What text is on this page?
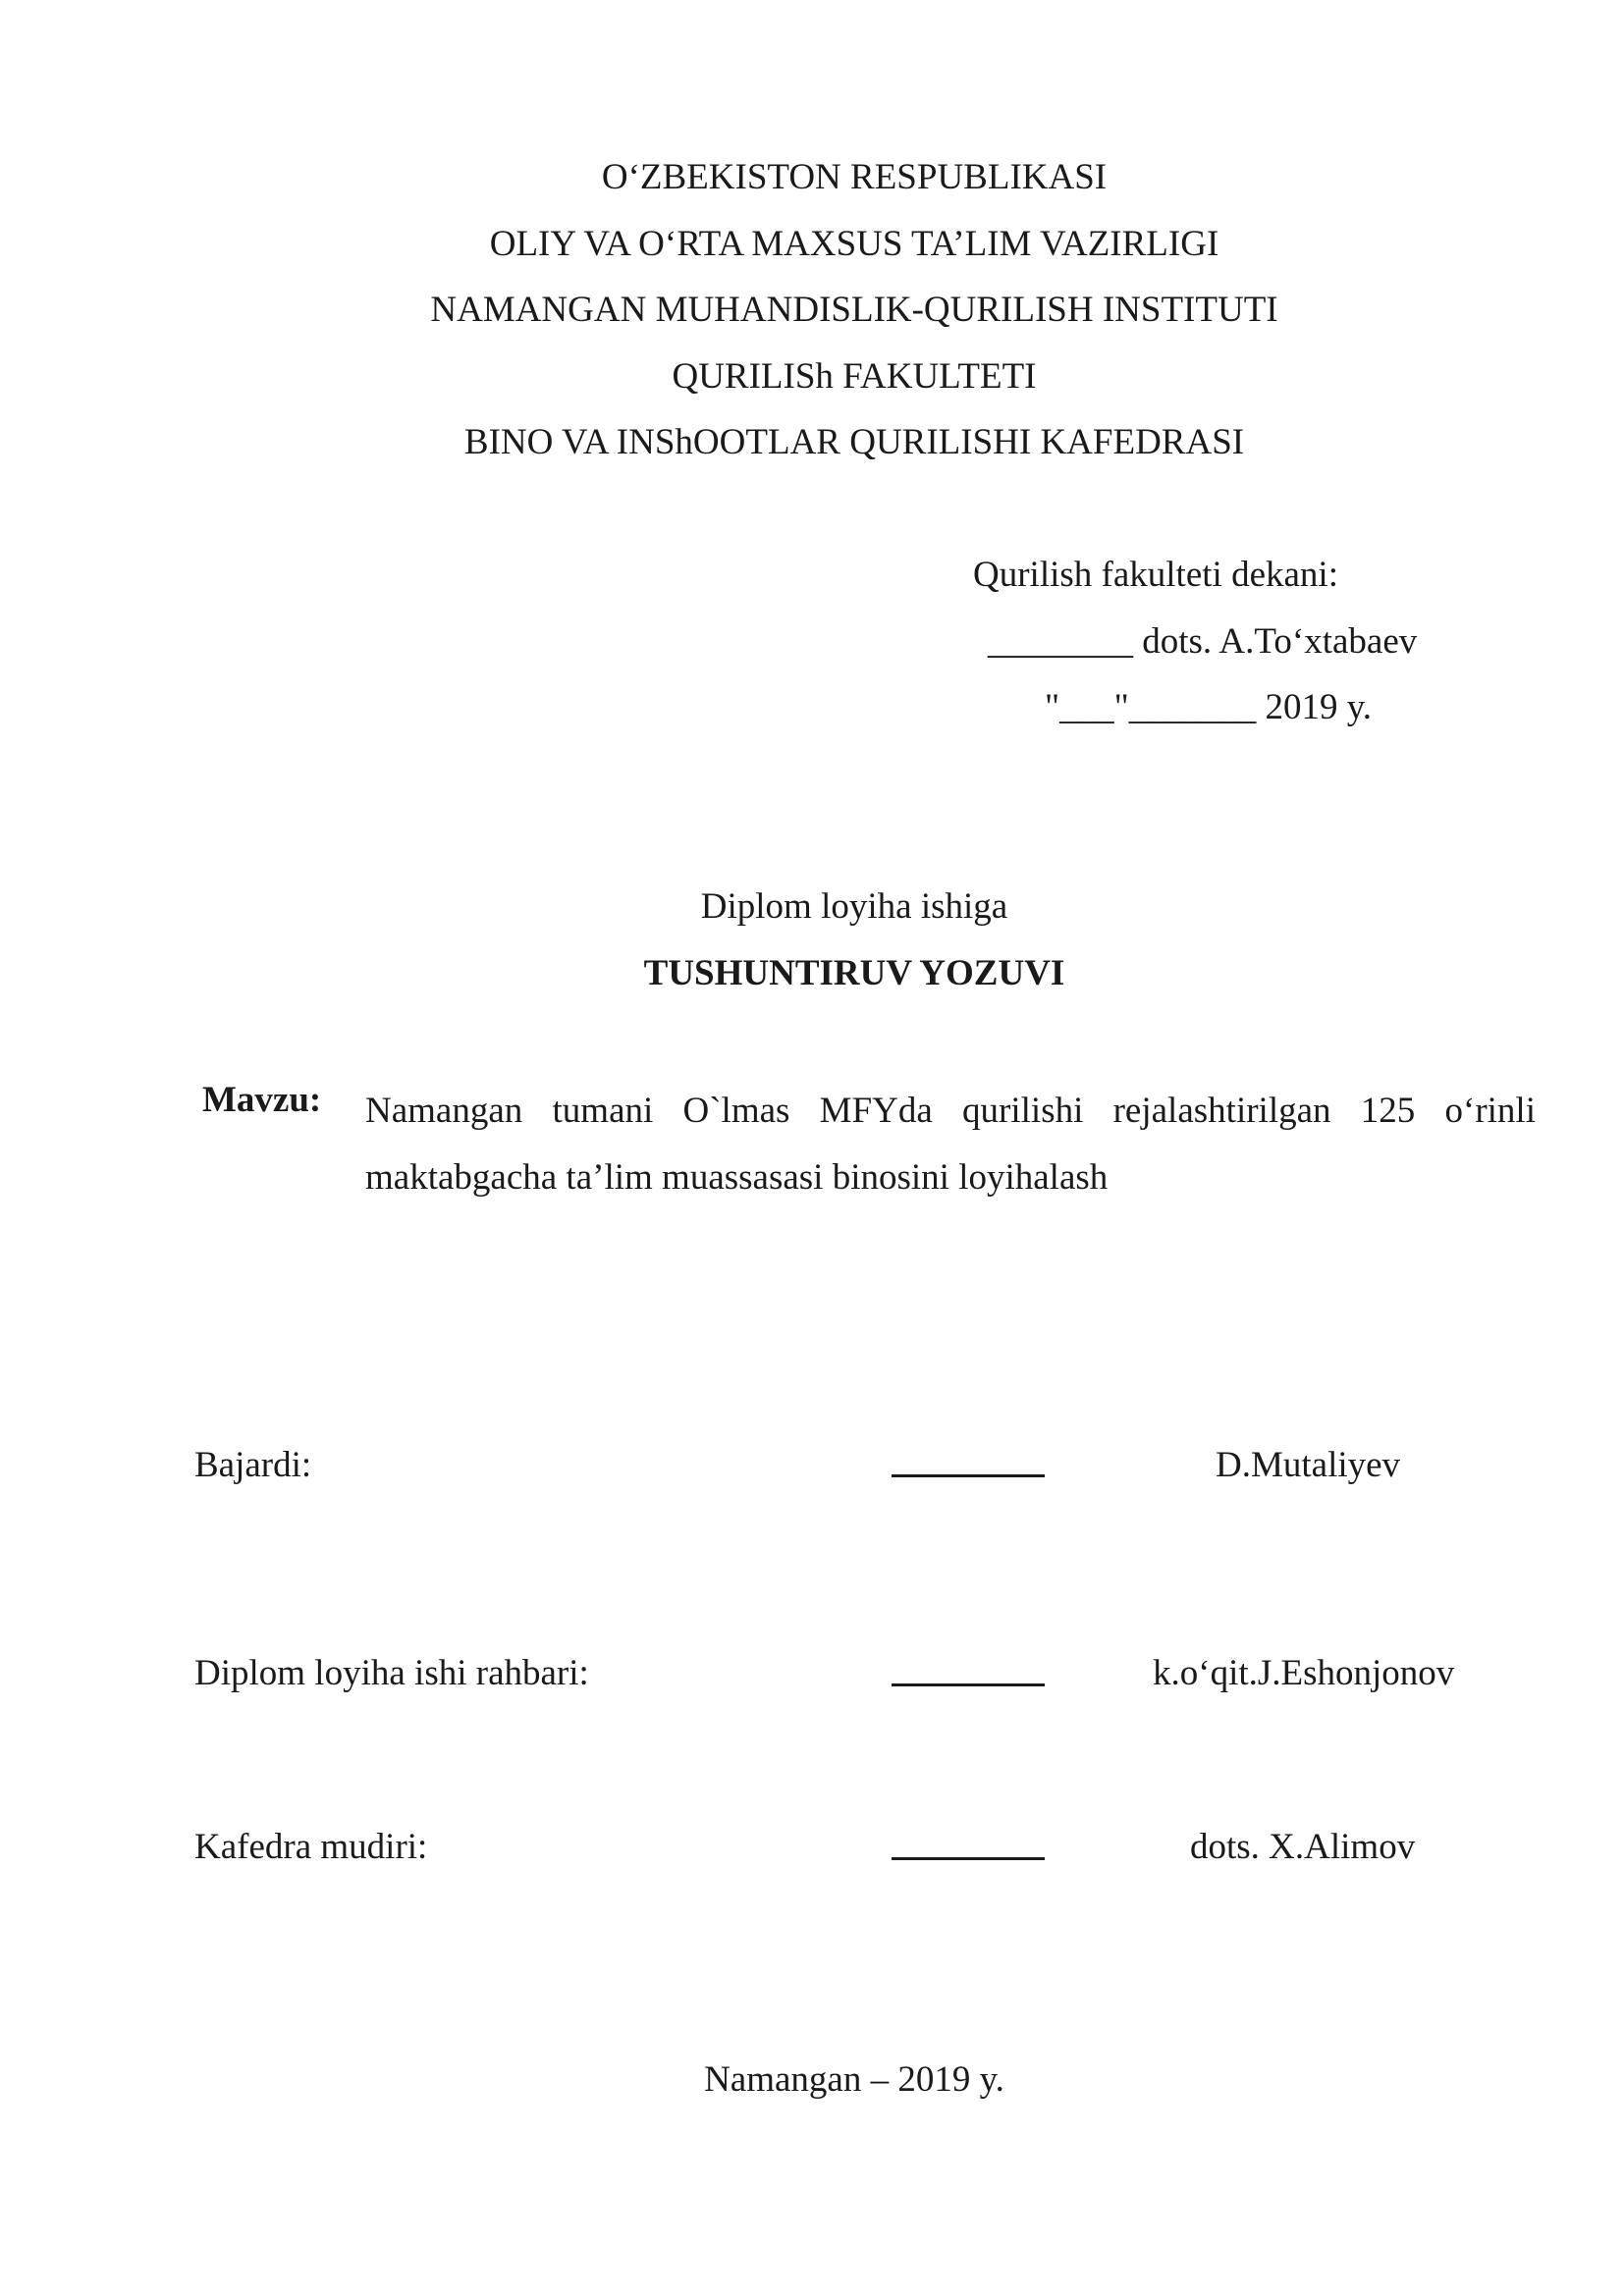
O‘ZBEKISTON RESPUBLIKASI
OLIY VA O‘RTA MAXSUS TA’LIM VAZIRLIGI
NAMANGAN MUHANDISLIK-QURILISH INSTITUTI
QURILISh FAKULTETI
BINO VA INShOOTLAR QURILISHI KAFEDRASI
Qurilish fakulteti dekani:
________ dots. A.To‘xtabaev
"___"_______ 2019 y.
Diplom loyiha ishiga
TUSHUNTIRUV YOZUVI
Mavzu: Namangan tumani O`lmas MFYda qurilishi rejalashtirilgan 125 o‘rinli maktabgacha ta’lim muassasasi binosini loyihalash
Bajardi:	D.Mutaliyev
Diplom loyiha ishi rahbari:	k.o‘qit.J.Eshonjonov
Kafedra mudiri:	dots. X.Alimov
Namangan – 2019 y.
